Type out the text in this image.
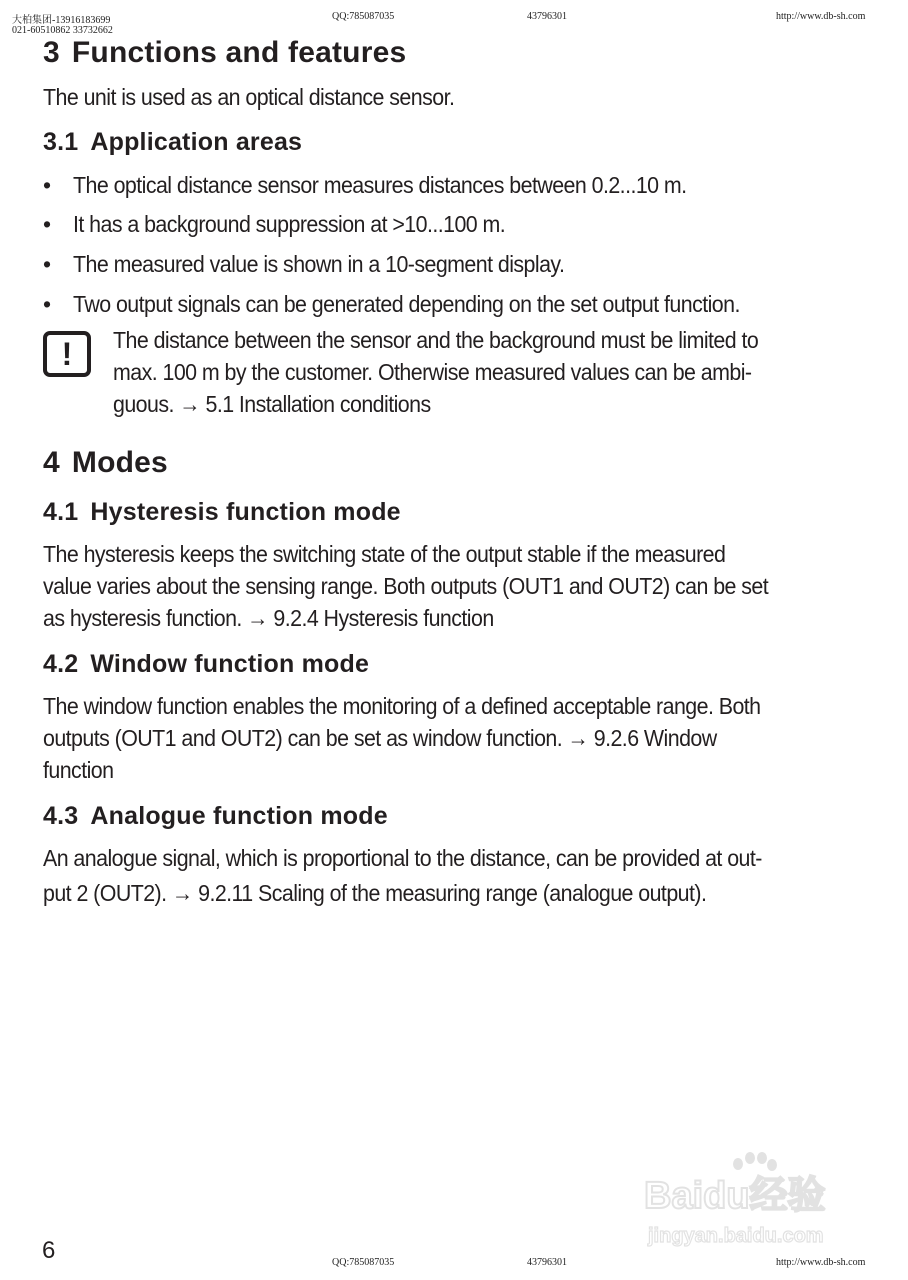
大柏集团-13916183699
021-60510862 33732662
QQ:785087035	43796301	http://www.db-sh.com
3 Functions and features

The unit is used as an optical distance sensor.

3.1 Application areas
• The optical distance sensor measures distances between 0.2...10 m.
• It has a background suppression at >10...100 m.
• The measured value is shown in a 10-segment display.
• Two output signals can be generated depending on the set output function.
!	The distance between the sensor and the background must be limited to

max. 100 m by the customer. Otherwise measured values can be ambi-

guous. → 5.1 Installation conditions

4 Modes
4.1 Hysteresis function mode

The hysteresis keeps the switching state of the output stable if the measured

value varies about the sensing range. Both outputs (OUT1 and OUT2) can be set

as hysteresis function. → 9.2.4 Hysteresis function

4.2 Window function mode

The window function enables the monitoring of a defined acceptable range. Both

outputs (OUT1 and OUT2) can be set as window function. → 9.2.6 Window

function

4.3 Analogue function mode

An analogue signal, which is proportional to the distance, can be provided at out-

put 2 (OUT2). → 9.2.11 Scaling of the measuring range (analogue output).

Baidu经验
jingyan.baidu.com
6	QQ:785087035	43796301	http://www.db-sh.com
